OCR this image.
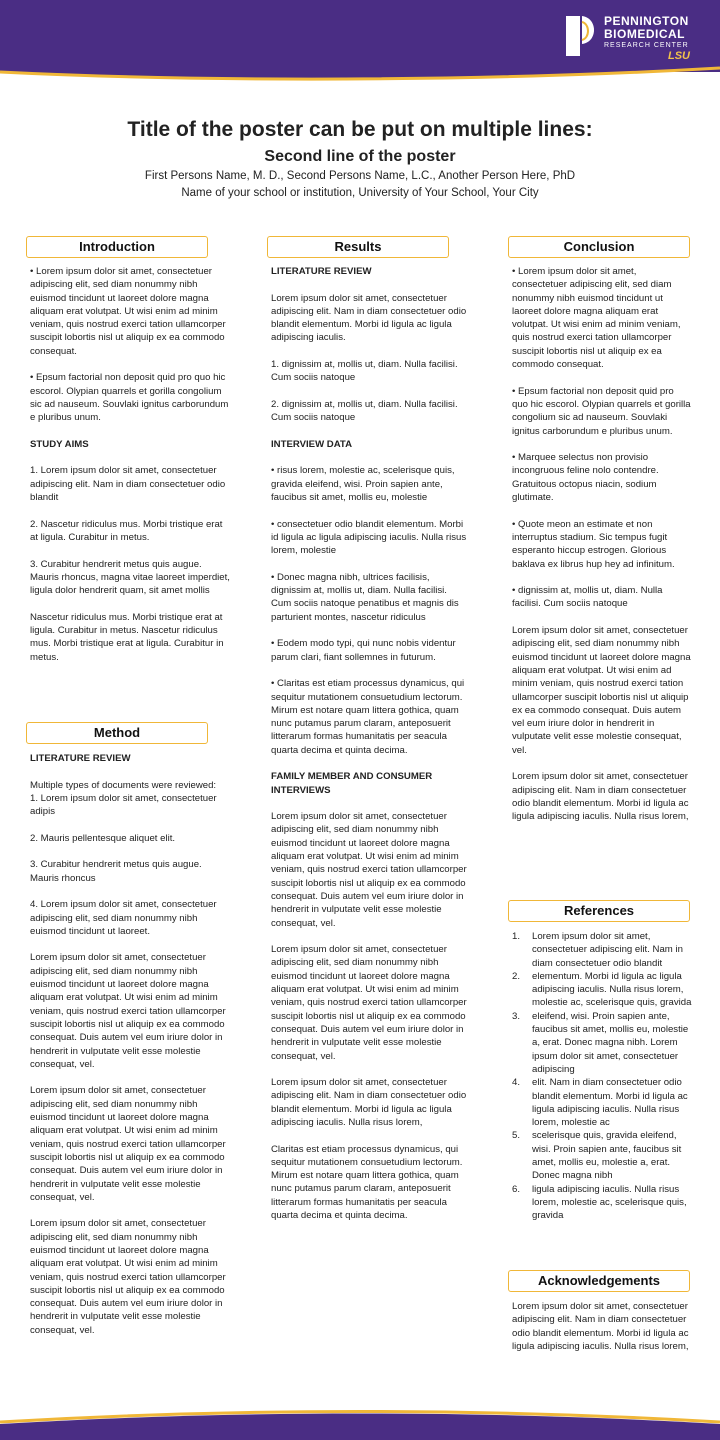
PENNINGTON
BIOMEDICAL
RESEARCH CENTER
LSU
Title of the poster can be put on multiple lines:
Second line of the poster
First Persons Name, M. D., Second Persons Name, L.C., Another Person Here, PhD
Name of your school or institution, University of Your School, Your City
Introduction	Results	Conclusion
Method
References
Acknowledgements

• Lorem ipsum dolor sit amet, consectetuer adipiscing elit, sed diam nonummy nibh euismod tincidunt ut laoreet dolore magna aliquam erat volutpat. Ut wisi enim ad minim veniam, quis nostrud exerci tation ullamcorper suscipit lobortis nisl ut aliquip ex ea commodo consequat.

• Epsum factorial non deposit quid pro quo hic escorol. Olypian quarrels et gorilla congolium sic ad nauseum. Souvlaki ignitus carborundum e pluribus unum.

STUDY AIMS

1. Lorem ipsum dolor sit amet, consectetuer adipiscing elit. Nam in diam consectetuer odio blandit

2. Nascetur ridiculus mus. Morbi tristique erat at ligula. Curabitur in metus.

3. Curabitur hendrerit metus quis augue. Mauris rhoncus, magna vitae laoreet imperdiet, ligula dolor hendrerit quam, sit amet mollis

Nascetur ridiculus mus. Morbi tristique erat at ligula. Curabitur in metus. Nascetur ridiculus mus. Morbi tristique erat at ligula. Curabitur in metus.

LITERATURE REVIEW

Multiple types of documents were reviewed:
1. Lorem ipsum dolor sit amet, consectetuer adipis

2. Mauris pellentesque aliquet elit.

3. Curabitur hendrerit metus quis augue. Mauris rhoncus

4. Lorem ipsum dolor sit amet, consectetuer adipiscing elit, sed diam nonummy nibh euismod tincidunt ut laoreet.

Lorem ipsum dolor sit amet, consectetuer adipiscing elit, sed diam nonummy nibh euismod tincidunt ut laoreet dolore magna aliquam erat volutpat. Ut wisi enim ad minim veniam, quis nostrud exerci tation ullamcorper suscipit lobortis nisl ut aliquip ex ea commodo consequat. Duis autem vel eum iriure dolor in hendrerit in vulputate velit esse molestie consequat, vel.

Lorem ipsum dolor sit amet, consectetuer adipiscing elit, sed diam nonummy nibh euismod tincidunt ut laoreet dolore magna aliquam erat volutpat. Ut wisi enim ad minim veniam, quis nostrud exerci tation ullamcorper suscipit lobortis nisl ut aliquip ex ea commodo consequat. Duis autem vel eum iriure dolor in hendrerit in vulputate velit esse molestie consequat, vel.

Lorem ipsum dolor sit amet, consectetuer adipiscing elit, sed diam nonummy nibh euismod tincidunt ut laoreet dolore magna aliquam erat volutpat. Ut wisi enim ad minim veniam, quis nostrud exerci tation ullamcorper suscipit lobortis nisl ut aliquip ex ea commodo consequat. Duis autem vel eum iriure dolor in hendrerit in vulputate velit esse molestie consequat, vel.

LITERATURE REVIEW

Lorem ipsum dolor sit amet, consectetuer adipiscing elit. Nam in diam consectetuer odio blandit elementum. Morbi id ligula ac ligula adipiscing iaculis.

1. dignissim at, mollis ut, diam. Nulla facilisi. Cum sociis natoque

2. dignissim at, mollis ut, diam. Nulla facilisi. Cum sociis natoque

INTERVIEW DATA

• risus lorem, molestie ac, scelerisque quis, gravida eleifend, wisi. Proin sapien ante, faucibus sit amet, mollis eu, molestie

• consectetuer odio blandit elementum. Morbi id ligula ac ligula adipiscing iaculis. Nulla risus lorem, molestie

• Donec magna nibh, ultrices facilisis, dignissim at, mollis ut, diam. Nulla facilisi. Cum sociis natoque penatibus et magnis dis parturient montes, nascetur ridiculus

• Eodem modo typi, qui nunc nobis videntur parum clari, fiant sollemnes in futurum.

• Claritas est etiam processus dynamicus, qui sequitur mutationem consuetudium lectorum. Mirum est notare quam littera gothica, quam nunc putamus parum claram, anteposuerit litterarum formas humanitatis per seacula quarta decima et quinta decima.

FAMILY MEMBER AND CONSUMER INTERVIEWS

Lorem ipsum dolor sit amet, consectetuer adipiscing elit, sed diam nonummy nibh euismod tincidunt ut laoreet dolore magna aliquam erat volutpat. Ut wisi enim ad minim veniam, quis nostrud exerci tation ullamcorper suscipit lobortis nisl ut aliquip ex ea commodo consequat. Duis autem vel eum iriure dolor in hendrerit in vulputate velit esse molestie consequat, vel.

Lorem ipsum dolor sit amet, consectetuer adipiscing elit, sed diam nonummy nibh euismod tincidunt ut laoreet dolore magna aliquam erat volutpat. Ut wisi enim ad minim veniam, quis nostrud exerci tation ullamcorper suscipit lobortis nisl ut aliquip ex ea commodo consequat. Duis autem vel eum iriure dolor in hendrerit in vulputate velit esse molestie consequat, vel.

Lorem ipsum dolor sit amet, consectetuer adipiscing elit. Nam in diam consectetuer odio blandit elementum. Morbi id ligula ac ligula adipiscing iaculis. Nulla risus lorem,

Claritas est etiam processus dynamicus, qui sequitur mutationem consuetudium lectorum. Mirum est notare quam littera gothica, quam nunc putamus parum claram, anteposuerit litterarum formas humanitatis per seacula quarta decima et quinta decima.

• Lorem ipsum dolor sit amet, consectetuer adipiscing elit, sed diam nonummy nibh euismod tincidunt ut laoreet dolore magna aliquam erat volutpat. Ut wisi enim ad minim veniam, quis nostrud exerci tation ullamcorper suscipit lobortis nisl ut aliquip ex ea commodo consequat.

• Epsum factorial non deposit quid pro quo hic escorol. Olypian quarrels et gorilla congolium sic ad nauseum. Souvlaki ignitus carborundum e pluribus unum.

• Marquee selectus non provisio incongruous feline nolo contendre. Gratuitous octopus niacin, sodium glutimate.

• Quote meon an estimate et non interruptus stadium. Sic tempus fugit esperanto hiccup estrogen. Glorious baklava ex librus hup hey ad infinitum.

• dignissim at, mollis ut, diam. Nulla facilisi. Cum sociis natoque

Lorem ipsum dolor sit amet, consectetuer adipiscing elit, sed diam nonummy nibh euismod tincidunt ut laoreet dolore magna aliquam erat volutpat. Ut wisi enim ad minim veniam, quis nostrud exerci tation ullamcorper suscipit lobortis nisl ut aliquip ex ea commodo consequat. Duis autem vel eum iriure dolor in hendrerit in vulputate velit esse molestie consequat, vel.

Lorem ipsum dolor sit amet, consectetuer adipiscing elit. Nam in diam consectetuer odio blandit elementum. Morbi id ligula ac ligula adipiscing iaculis. Nulla risus lorem,

1. Lorem ipsum dolor sit amet, consectetuer adipiscing elit. Nam in diam consectetuer odio blandit
2. elementum. Morbi id ligula ac ligula adipiscing iaculis. Nulla risus lorem, molestie ac, scelerisque quis, gravida
3. eleifend, wisi. Proin sapien ante, faucibus sit amet, mollis eu, molestie a, erat. Donec magna nibh. Lorem ipsum dolor sit amet, consectetuer adipiscing
4. elit. Nam in diam consectetuer odio blandit elementum. Morbi id ligula ac ligula adipiscing iaculis. Nulla risus lorem, molestie ac
5. scelerisque quis, gravida eleifend, wisi. Proin sapien ante, faucibus sit amet, mollis eu, molestie a, erat. Donec magna nibh
6. ligula adipiscing iaculis. Nulla risus lorem, molestie ac, scelerisque quis, gravida

Lorem ipsum dolor sit amet, consectetuer adipiscing elit. Nam in diam consectetuer odio blandit elementum. Morbi id ligula ac ligula adipiscing iaculis. Nulla risus lorem,
